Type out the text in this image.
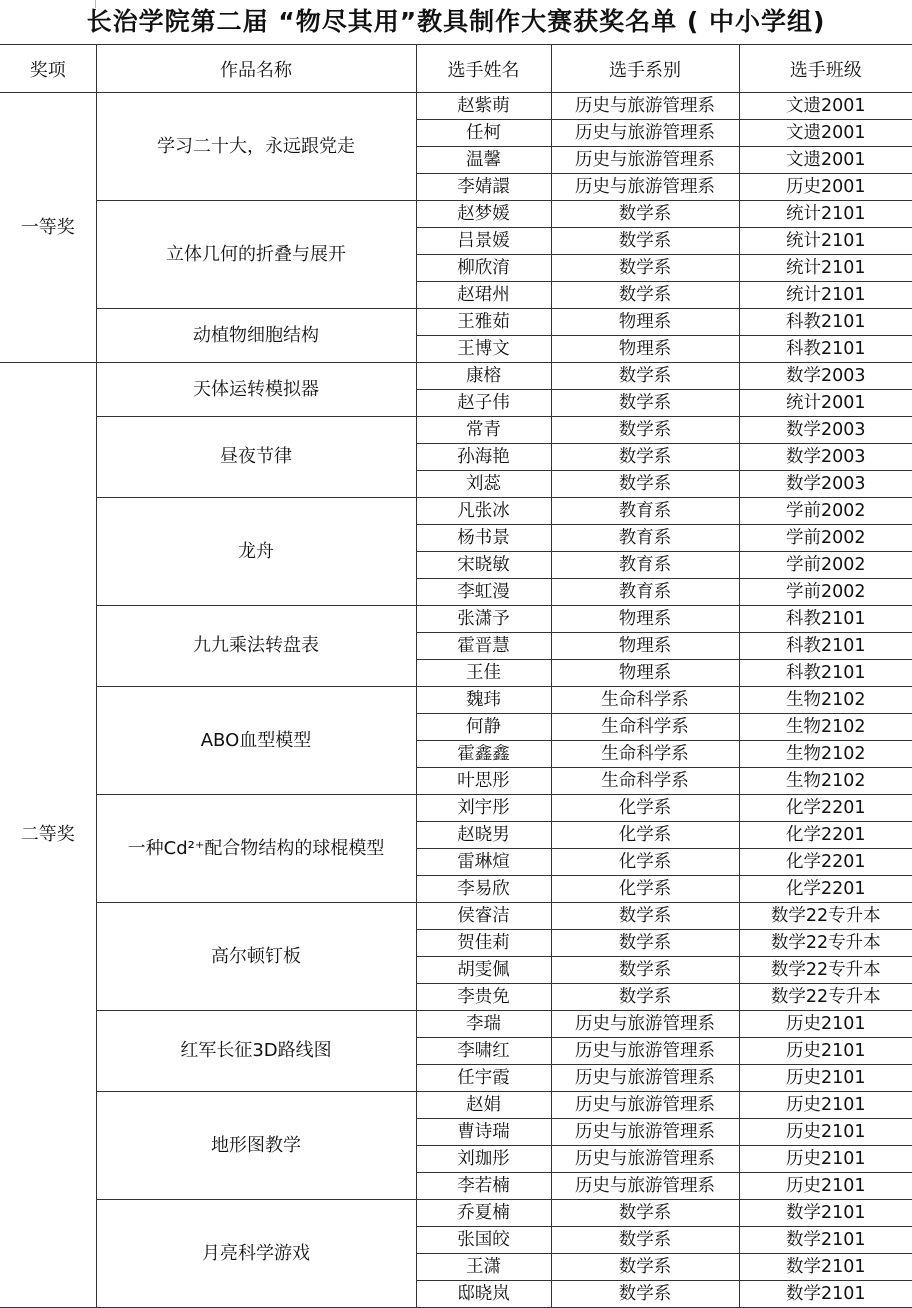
长治学院第二届 “物尽其用”教具制作大赛获奖名单 ( 中小学组)
奖项	作品名称	选手姓名	选手系别	选手班级
一等奖	学习二十大，永远跟党走	赵紫萌	历史与旅游管理系	文遗2001
		任柯	历史与旅游管理系	文遗2001
		温馨	历史与旅游管理系	文遗2001
		李婧譞	历史与旅游管理系	历史2001
	立体几何的折叠与展开	赵梦媛	数学系	统计2101
		吕景媛	数学系	统计2101
		柳欣淯	数学系	统计2101
		赵珺州	数学系	统计2101
	动植物细胞结构	王雅茹	物理系	科教2101
		王博文	物理系	科教2101
二等奖	天体运转模拟器	康榕	数学系	数学2003
		赵子伟	数学系	统计2001
	昼夜节律	常青	数学系	数学2003
		孙海艳	数学系	数学2003
		刘蕊	数学系	数学2003
	龙舟	凡张冰	教育系	学前2002
		杨书景	教育系	学前2002
		宋晓敏	教育系	学前2002
		李虹漫	教育系	学前2002
	九九乘法转盘表	张潇予	物理系	科教2101
		霍晋慧	物理系	科教2101
		王佳	物理系	科教2101
	ABO血型模型	魏玮	生命科学系	生物2102
		何静	生命科学系	生物2102
		霍鑫鑫	生命科学系	生物2102
		叶思彤	生命科学系	生物2102
	一种Cd²⁺配合物结构的球棍模型	刘宇彤	化学系	化学2201
		赵晓男	化学系	化学2201
		雷琳煊	化学系	化学2201
		李易欣	化学系	化学2201
	高尔顿钉板	侯睿洁	数学系	数学22专升本
		贺佳莉	数学系	数学22专升本
		胡雯佩	数学系	数学22专升本
		李贵免	数学系	数学22专升本
	红军长征3D路线图	李瑞	历史与旅游管理系	历史2101
		李啸红	历史与旅游管理系	历史2101
		任宇霞	历史与旅游管理系	历史2101
	地形图教学	赵娟	历史与旅游管理系	历史2101
		曹诗瑞	历史与旅游管理系	历史2101
		刘珈彤	历史与旅游管理系	历史2101
		李若楠	历史与旅游管理系	历史2101
	月亮科学游戏	乔夏楠	数学系	数学2101
		张国皎	数学系	数学2101
		王潇	数学系	数学2101
		邸晓岚	数学系	数学2101
